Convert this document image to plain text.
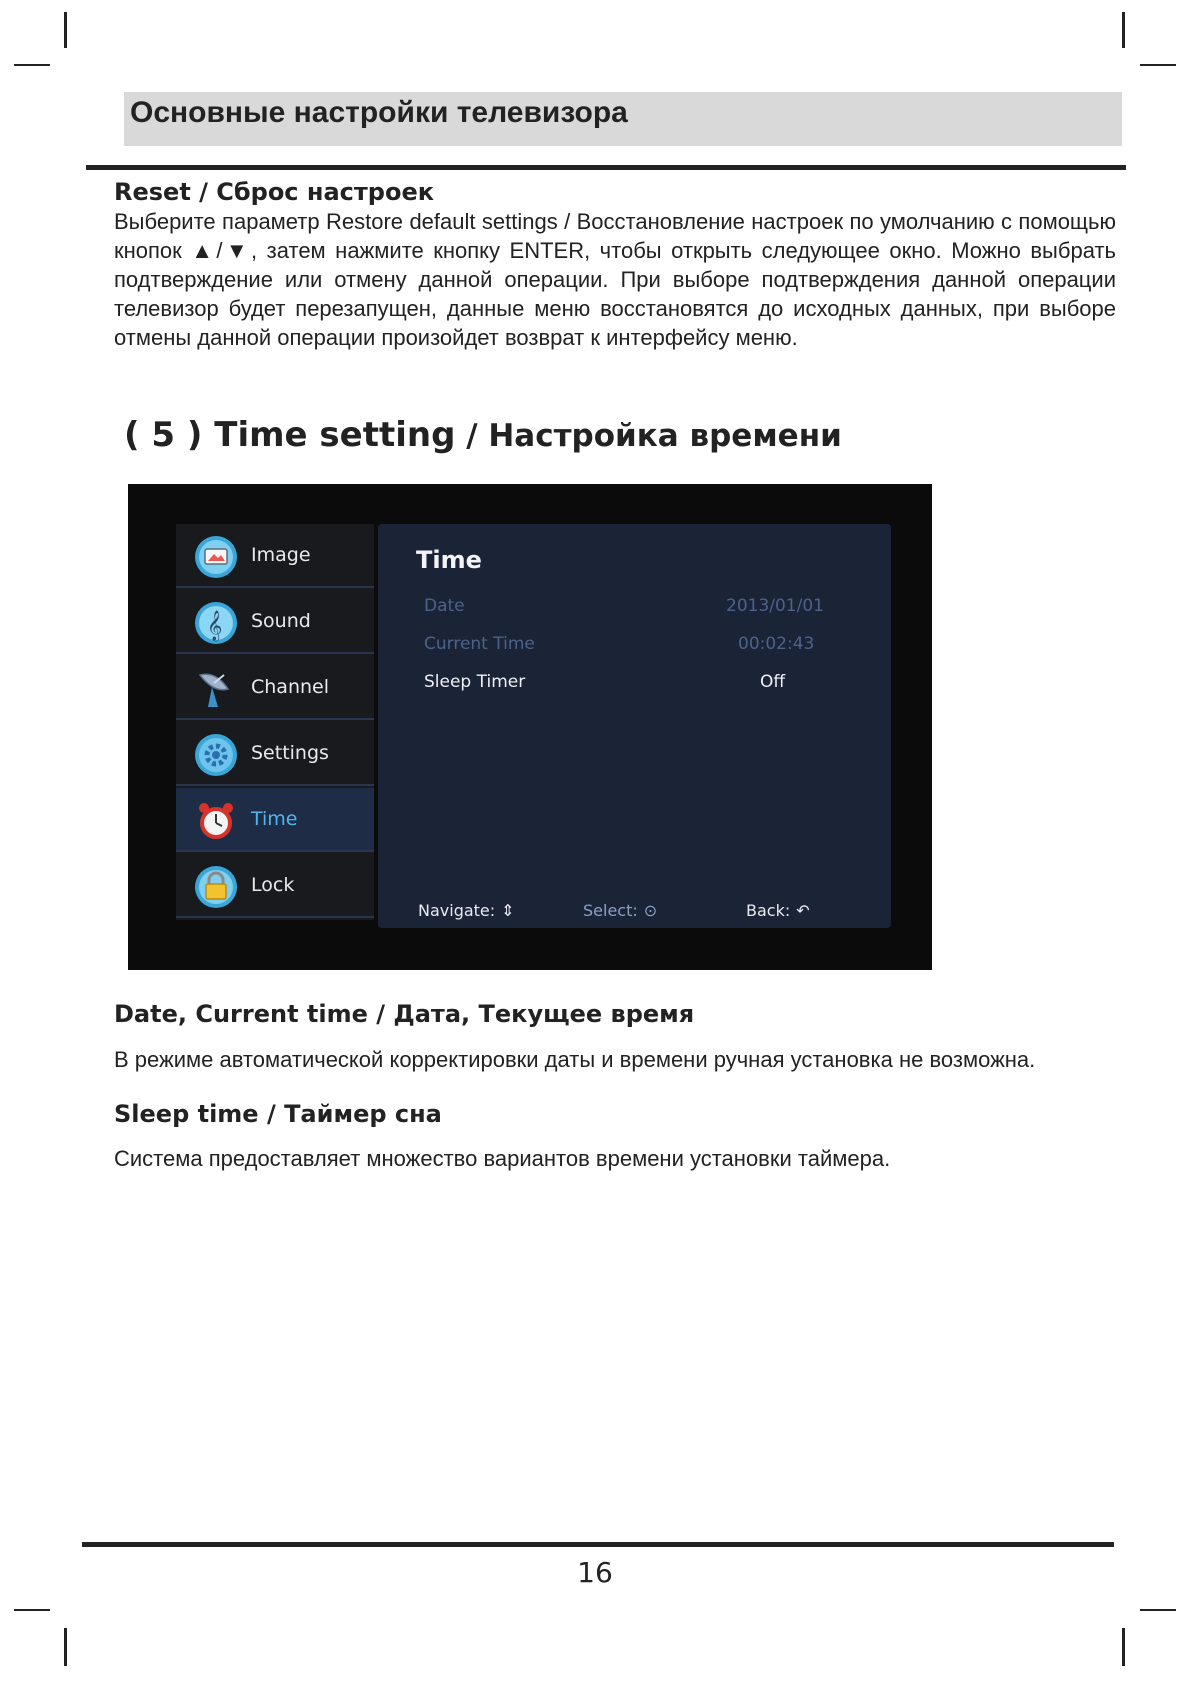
Основные настройки телевизора
Reset / Сброс настроек
Выберите параметр Restore default settings / Восстановление настроек по умолчанию с помощью кнопок ▲/▼, затем нажмите кнопку ENTER, чтобы открыть следующее окно. Можно выбрать подтверждение или отмену данной операции. При выборе подтверждения данной операции телевизор будет перезапущен, данные меню восстановятся до исходных данных, при выборе отмены данной операции произойдет возврат к интерфейсу меню.
( 5 ) Time setting / Настройка времени
Image
𝄞 Sound
Channel
Settings
Time
Lock
Time
Date	2013/01/01
Current Time	00:02:43
Sleep Timer	Off
Navigate: ⇕	Select: ⊙	Back: ↶
Date, Current time / Дата, Текущее время
В режиме автоматической корректировки даты и времени ручная установка не возможна.
Sleep time / Таймер сна
Система предоставляет множество вариантов времени установки таймера.
16
